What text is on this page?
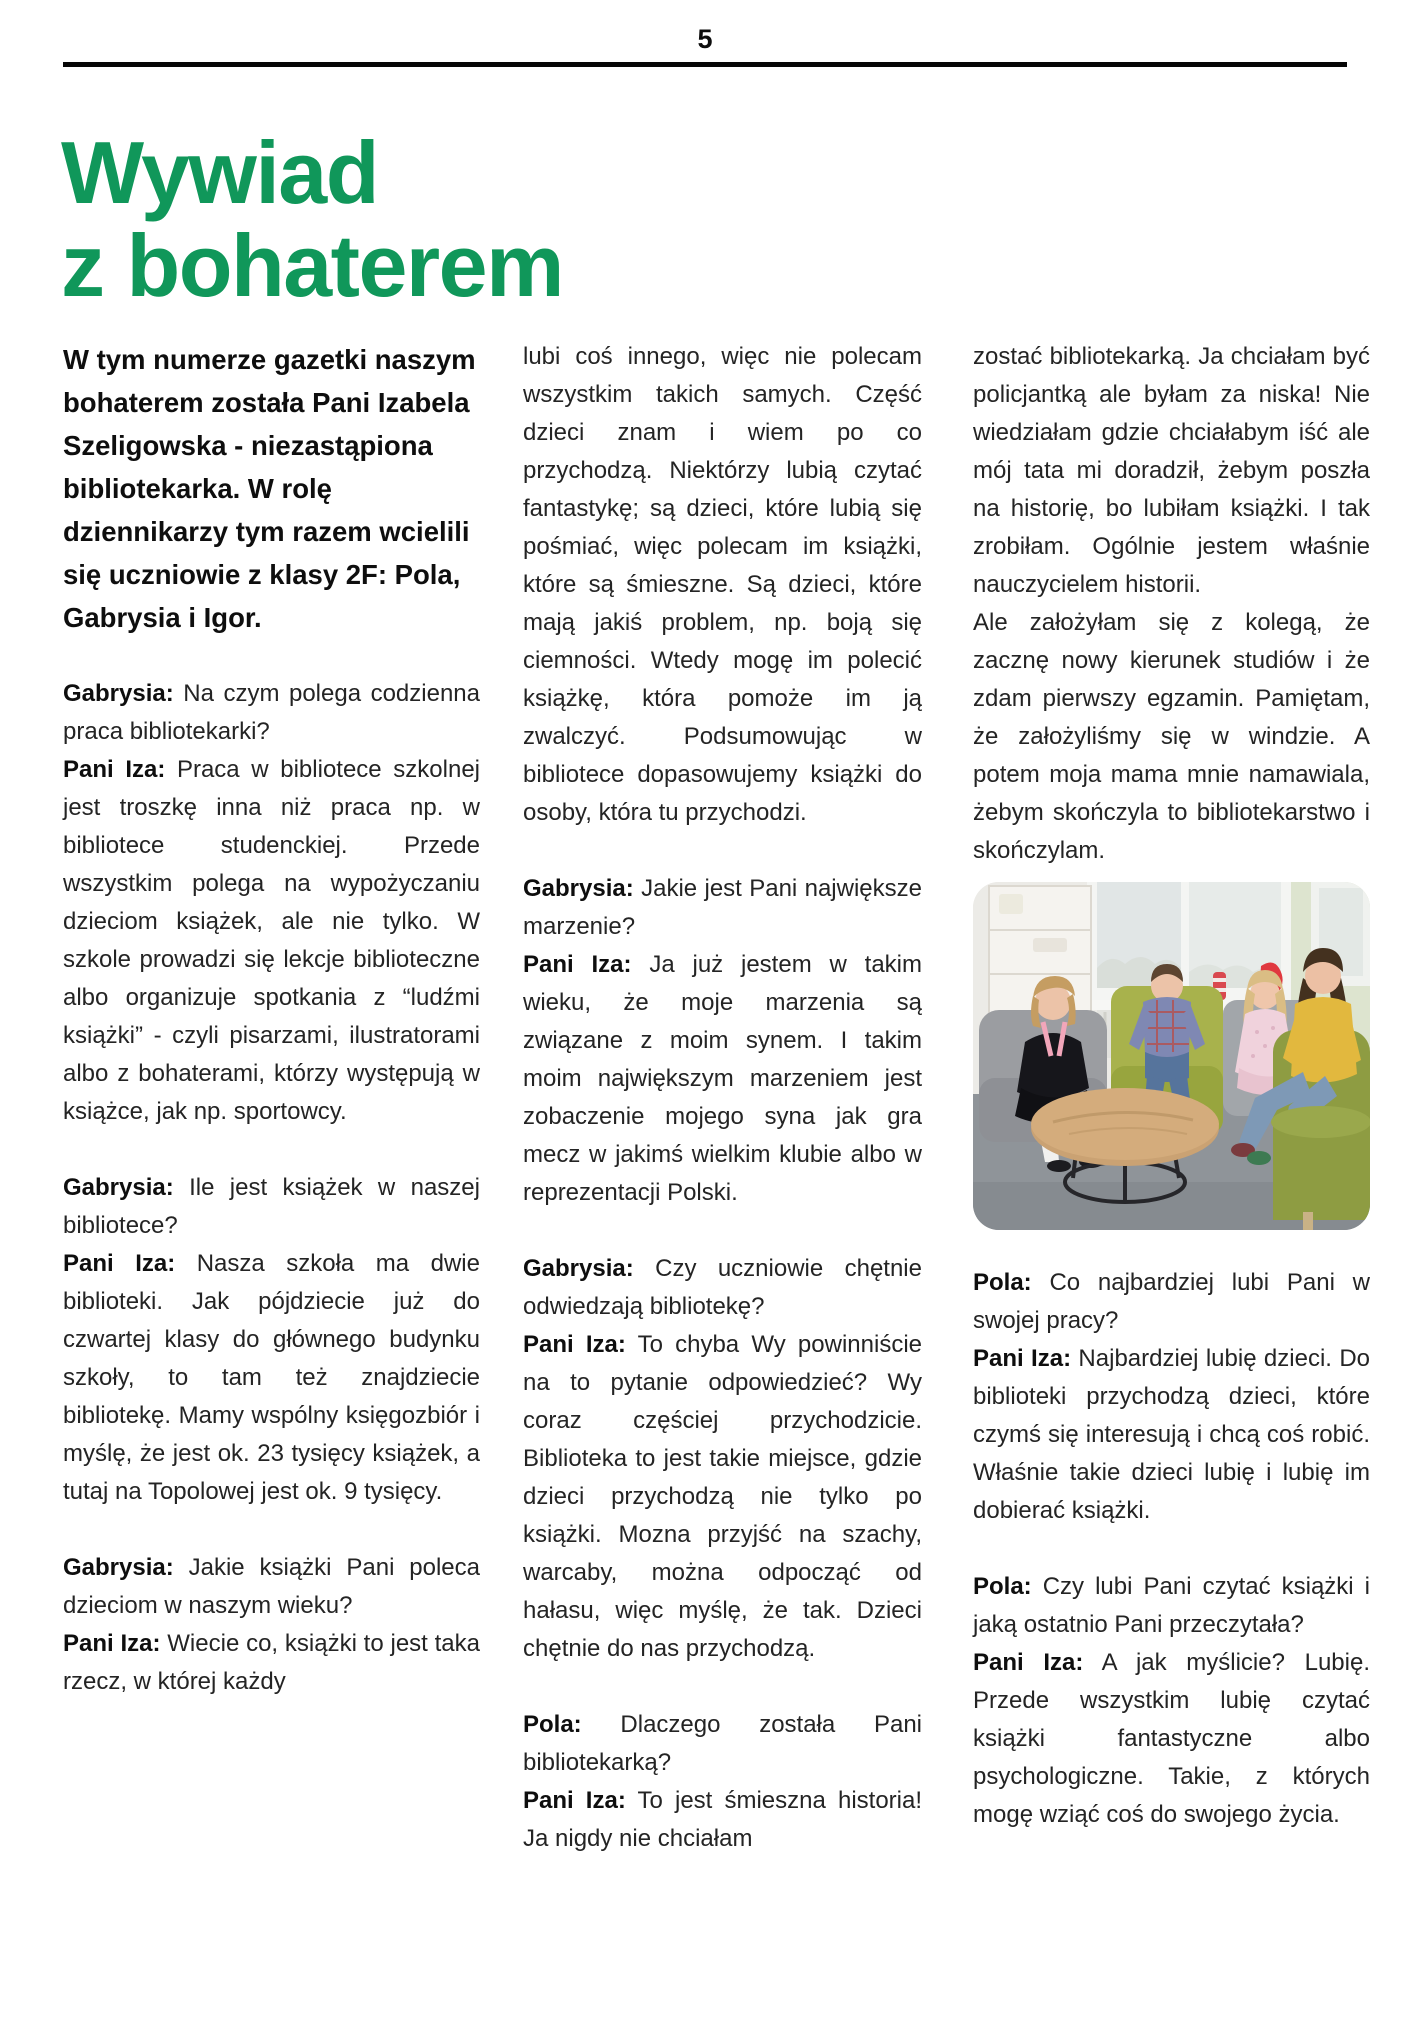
5
Wywiad
z bohaterem

W tym numerze gazetki naszym bohaterem została Pani Izabela Szeligowska - niezastąpiona bibliotekarka. W rolę dziennikarzy tym razem wcielili się uczniowie z klasy 2F: Pola, Gabrysia i Igor.

Gabrysia: Na czym polega codzienna praca bibliotekarki?

Pani Iza: Praca w bibliotece szkolnej jest troszkę inna niż praca np. w bibliotece studenckiej. Przede wszystkim polega na wypożyczaniu dzieciom książek, ale nie tylko. W szkole prowadzi się lekcje biblioteczne albo organizuje spotkania z “ludźmi książki” - czyli pisarzami, ilustratorami albo z bohaterami, którzy występują w książce, jak np. sportowcy.

Gabrysia: Ile jest książek w naszej bibliotece?

Pani Iza: Nasza szkoła ma dwie biblioteki. Jak pójdziecie już do czwartej klasy do głównego budynku szkoły, to tam też znajdziecie bibliotekę. Mamy wspólny księgozbiór i myślę, że jest ok. 23 tysięcy książek, a tutaj na Topolowej jest ok. 9 tysięcy.

Gabrysia: Jakie książki Pani poleca dzieciom w naszym wieku?

Pani Iza: Wiecie co, książki to jest taka rzecz, w której każdy

lubi coś innego, więc nie polecam wszystkim takich samych. Część dzieci znam i wiem po co przychodzą. Niektórzy lubią czytać fantastykę; są dzieci, które lubią się pośmiać, więc polecam im książki, które są śmieszne. Są dzieci, które mają jakiś problem, np. boją się ciemności. Wtedy mogę im polecić książkę, która pomoże im ją zwalczyć. Podsumowując w bibliotece dopasowujemy książki do osoby, która tu przychodzi.

Gabrysia: Jakie jest Pani największe marzenie?

Pani Iza: Ja już jestem w takim wieku, że moje marzenia są związane z moim synem. I takim moim największym marzeniem jest zobaczenie mojego syna jak gra mecz w jakimś wielkim klubie albo w reprezentacji Polski.

Gabrysia: Czy uczniowie chętnie odwiedzają bibliotekę?

Pani Iza: To chyba Wy powinniście na to pytanie odpowiedzieć? Wy coraz częściej przychodzicie. Biblioteka to jest takie miejsce, gdzie dzieci przychodzą nie tylko po książki. Mozna przyjść na szachy, warcaby, można odpocząć od hałasu, więc myślę, że tak. Dzieci chętnie do nas przychodzą.

Pola: Dlaczego została Pani bibliotekarką?

Pani Iza: To jest śmieszna historia! Ja nigdy nie chciałam

zostać bibliotekarką. Ja chciałam być policjantką ale byłam za niska! Nie wiedziałam gdzie chciałabym iść ale mój tata mi doradził, żebym poszła na historię, bo lubiłam książki. I tak zrobiłam. Ogólnie jestem właśnie nauczycielem historii.

Ale założyłam się z kolegą, że zacznę nowy kierunek studiów i że zdam pierwszy egzamin. Pamiętam, że założyliśmy się w windzie. A potem moja mama mnie namawiala, żebym skończyla to bibliotekarstwo i skończylam.

Pola: Co najbardziej lubi Pani w swojej pracy?

Pani Iza: Najbardziej lubię dzieci. Do biblioteki przychodzą dzieci, które czymś się interesują i chcą coś robić. Właśnie takie dzieci lubię i lubię im dobierać książki.

Pola: Czy lubi Pani czytać książki i jaką ostatnio Pani przeczytała?

Pani Iza: A jak myślicie? Lubię. Przede wszystkim lubię czytać książki fantastyczne albo psychologiczne. Takie, z których mogę wziąć coś do swojego życia.
